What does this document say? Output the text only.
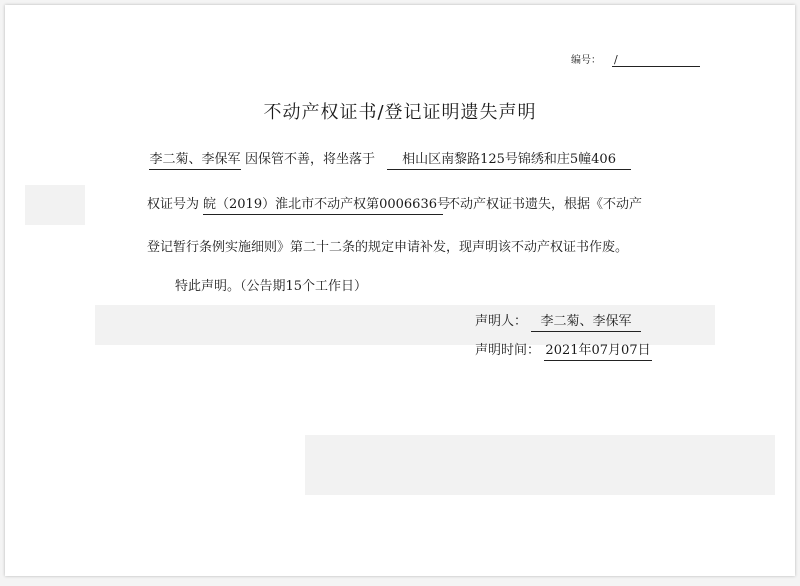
编号： /
不动产权证书/登记证明遗失声明
李二菊、李保军 因保管不善，将坐落于 相山区南黎路125号锦绣和庄5幢406
权证号为 皖（2019）淮北市不动产权第0006636号不动产权证书遗失，根据《不动产
登记暂行条例实施细则》第二十二条的规定申请补发，现声明该不动产权证书作废。
特此声明。（公告期15个工作日）
声明人： 李二菊、李保军
声明时间： 2021年07月07日
